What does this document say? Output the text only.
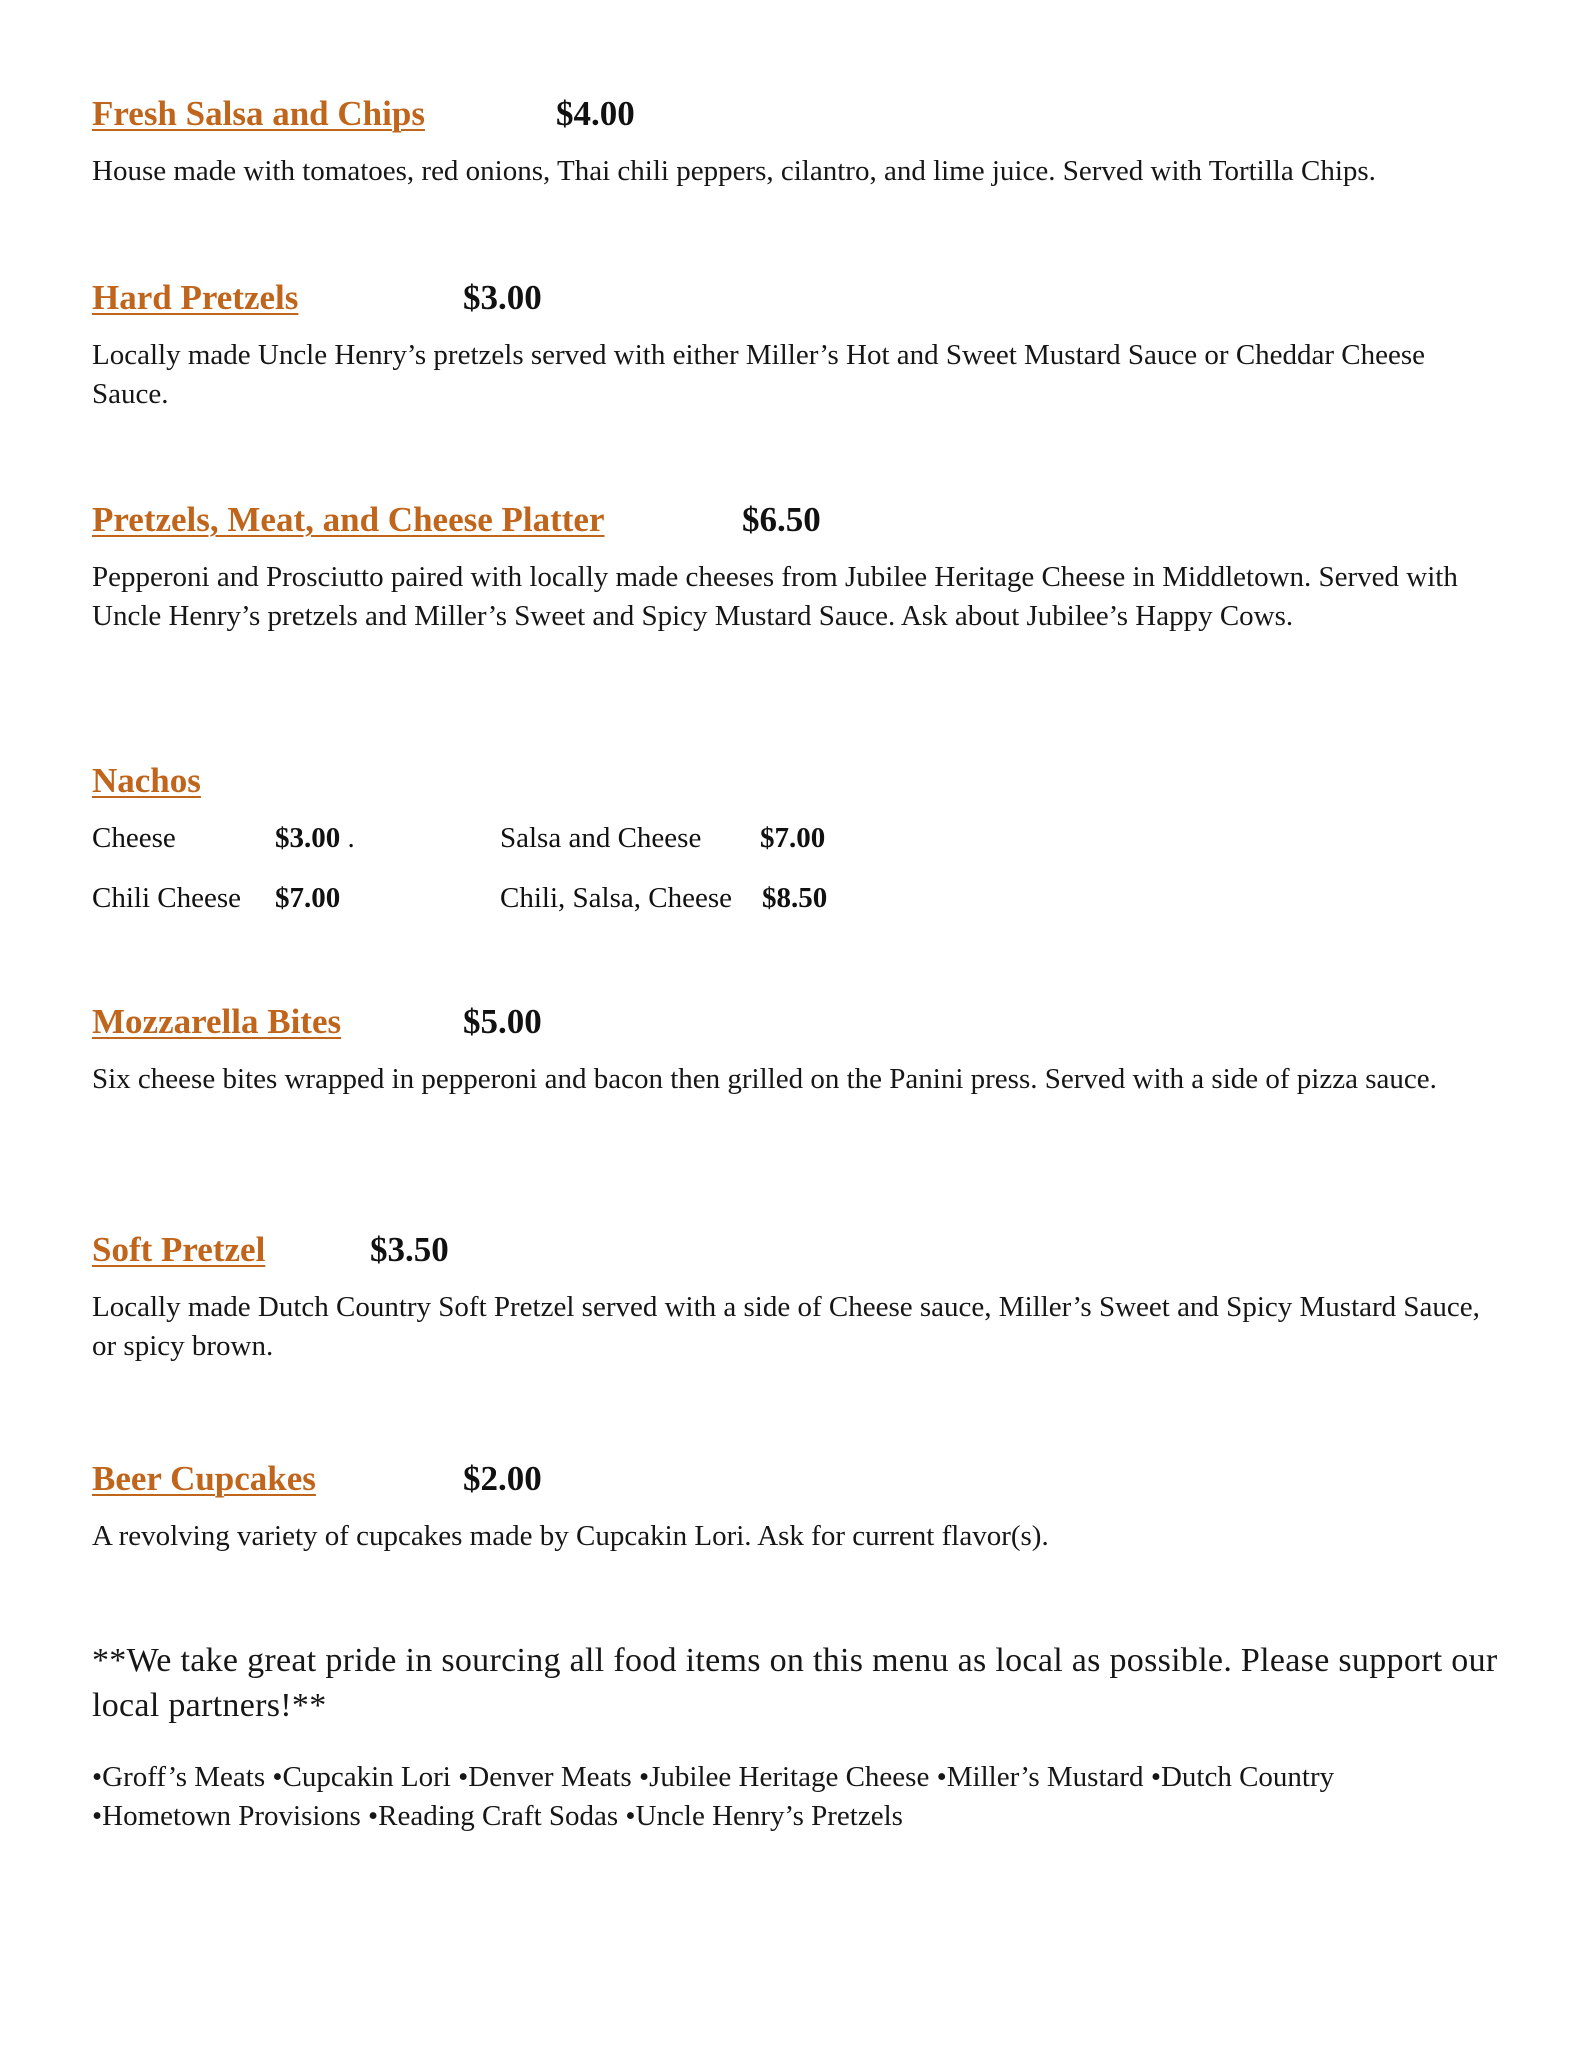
Fresh Salsa and Chips	$4.00

House made with tomatoes, red onions, Thai chili peppers, cilantro, and lime juice. Served with Tortilla Chips.

Hard Pretzels	$3.00

Locally made Uncle Henry’s pretzels served with either Miller’s Hot and Sweet Mustard Sauce or Cheddar Cheese Sauce.

Pretzels, Meat, and Cheese Platter	$6.50

Pepperoni and Prosciutto paired with locally made cheeses from Jubilee Heritage Cheese in Middletown. Served with Uncle Henry’s pretzels and Miller’s Sweet and Spicy Mustard Sauce. Ask about Jubilee’s Happy Cows.

Nachos
Cheese	$3.00 .	Salsa and Cheese $7.00
Chili Cheese $7.00	Chili, Salsa, Cheese $8.50
Mozzarella Bites	$5.00

Six cheese bites wrapped in pepperoni and bacon then grilled on the Panini press. Served with a side of pizza sauce.

Soft Pretzel	$3.50

Locally made Dutch Country Soft Pretzel served with a side of Cheese sauce, Miller’s Sweet and Spicy Mustard Sauce, or spicy brown.

Beer Cupcakes	$2.00

A revolving variety of cupcakes made by Cupcakin Lori. Ask for current flavor(s).

**We take great pride in sourcing all food items on this menu as local as possible. Please support our local partners!**
•Groff’s Meats •Cupcakin Lori •Denver Meats •Jubilee Heritage Cheese •Miller’s Mustard •Dutch Country
•Hometown Provisions •Reading Craft Sodas •Uncle Henry’s Pretzels
